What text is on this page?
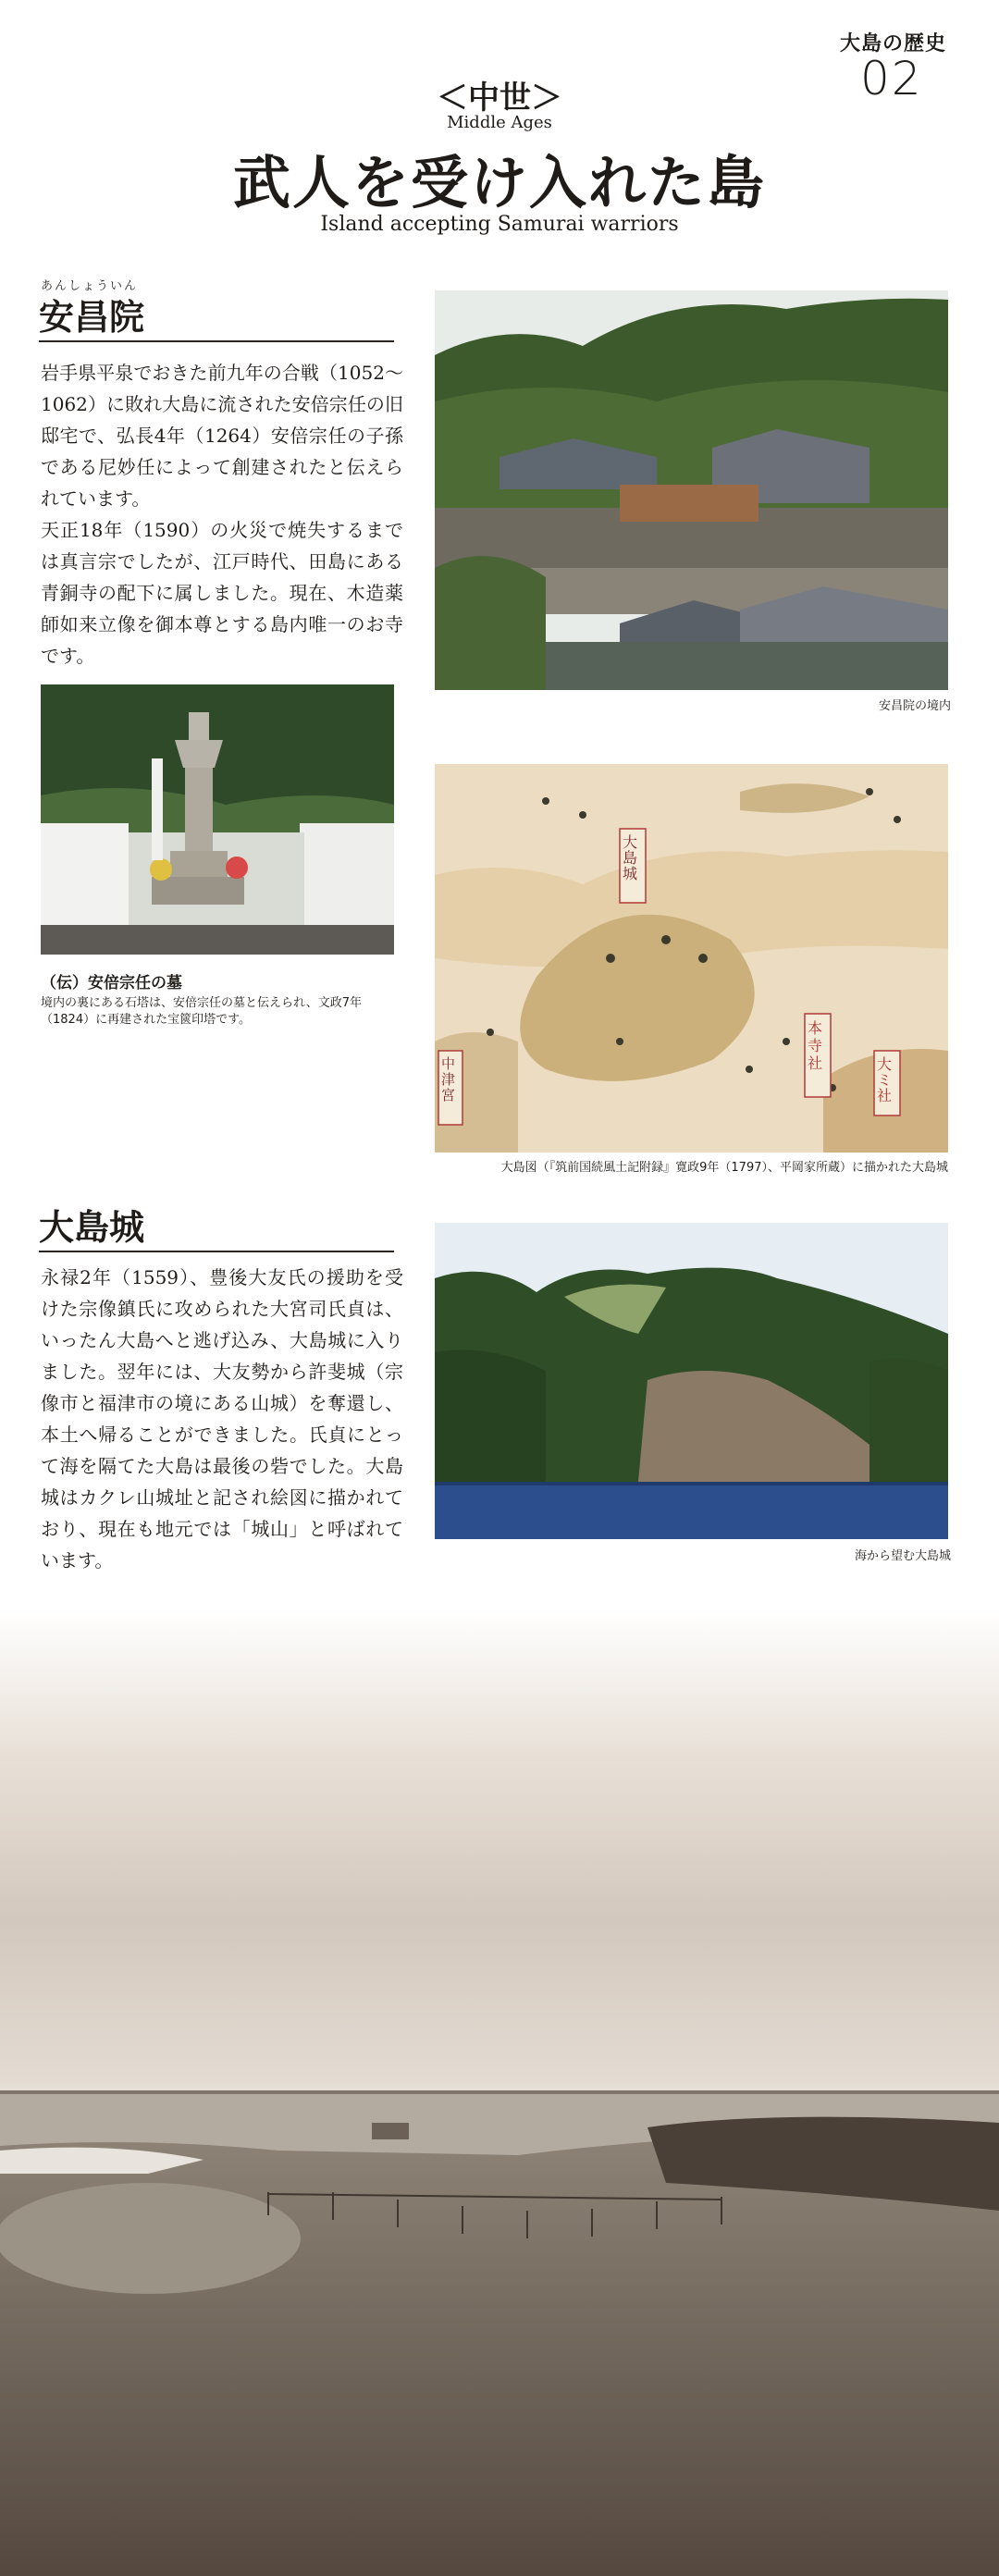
大島の歴史
02
＜中世＞
Middle Ages
武人を受け入れた島
Island accepting Samurai warriors
あんしょういん
安昌院
岩手県平泉でおきた前九年の合戦（1052～1062）に敗れ大島に流された安倍宗任の旧邸宅で、弘長4年（1264）安倍宗任の子孫である尼妙任によって創建されたと伝えられています。
天正18年（1590）の火災で焼失するまでは真言宗でしたが、江戸時代、田島にある青銅寺の配下に属しました。現在、木造薬師如来立像を御本尊とする島内唯一のお寺です。
安昌院の境内
（伝）安倍宗任の墓
境内の裏にある石塔は、安倍宗任の墓と伝えられ、文政7年（1824）に再建された宝篋印塔です。
大島城
本寺社	大ミ社
中津宮
大島図（『筑前国続風土記附録』寛政9年（1797）、平岡家所蔵）に描かれた大島城
大島城
永禄2年（1559）、豊後大友氏の援助を受けた宗像鎮氏に攻められた大宮司氏貞は、いったん大島へと逃げ込み、大島城に入りました。翌年には、大友勢から許斐城（宗像市と福津市の境にある山城）を奪還し、本土へ帰ることができました。氏貞にとって海を隔てた大島は最後の砦でした。大島城はカクレ山城址と記され絵図に描かれており、現在も地元では「城山」と呼ばれています。	海から望む大島城
